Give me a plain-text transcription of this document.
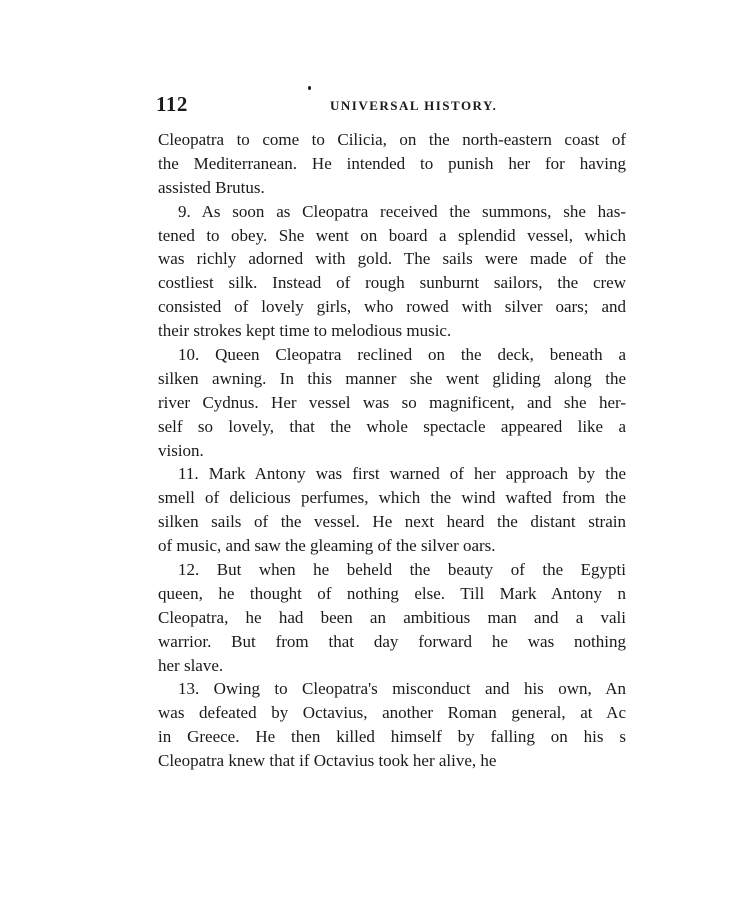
112	UNIVERSAL HISTORY.
Cleopatra to come to Cilicia, on the north-eastern coast of
the Mediterranean. He intended to punish her for having
assisted Brutus.
9. As soon as Cleopatra received the summons, she has-
tened to obey. She went on board a splendid vessel, which
was richly adorned with gold. The sails were made of the
costliest silk. Instead of rough sunburnt sailors, the crew
consisted of lovely girls, who rowed with silver oars; and
their strokes kept time to melodious music.
10. Queen Cleopatra reclined on the deck, beneath a
silken awning. In this manner she went gliding along the
river Cydnus. Her vessel was so magnificent, and she her-
self so lovely, that the whole spectacle appeared like a
vision.
11. Mark Antony was first warned of her approach by the
smell of delicious perfumes, which the wind wafted from the
silken sails of the vessel. He next heard the distant strain
of music, and saw the gleaming of the silver oars.
12. But when he beheld the beauty of the Egypti
queen, he thought of nothing else. Till Mark Antony n
Cleopatra, he had been an ambitious man and a vali
warrior. But from that day forward he was nothing
her slave.
13. Owing to Cleopatra's misconduct and his own, An
was defeated by Octavius, another Roman general, at Ac
in Greece. He then killed himself by falling on his s
Cleopatra knew that if Octavius took her alive, he
